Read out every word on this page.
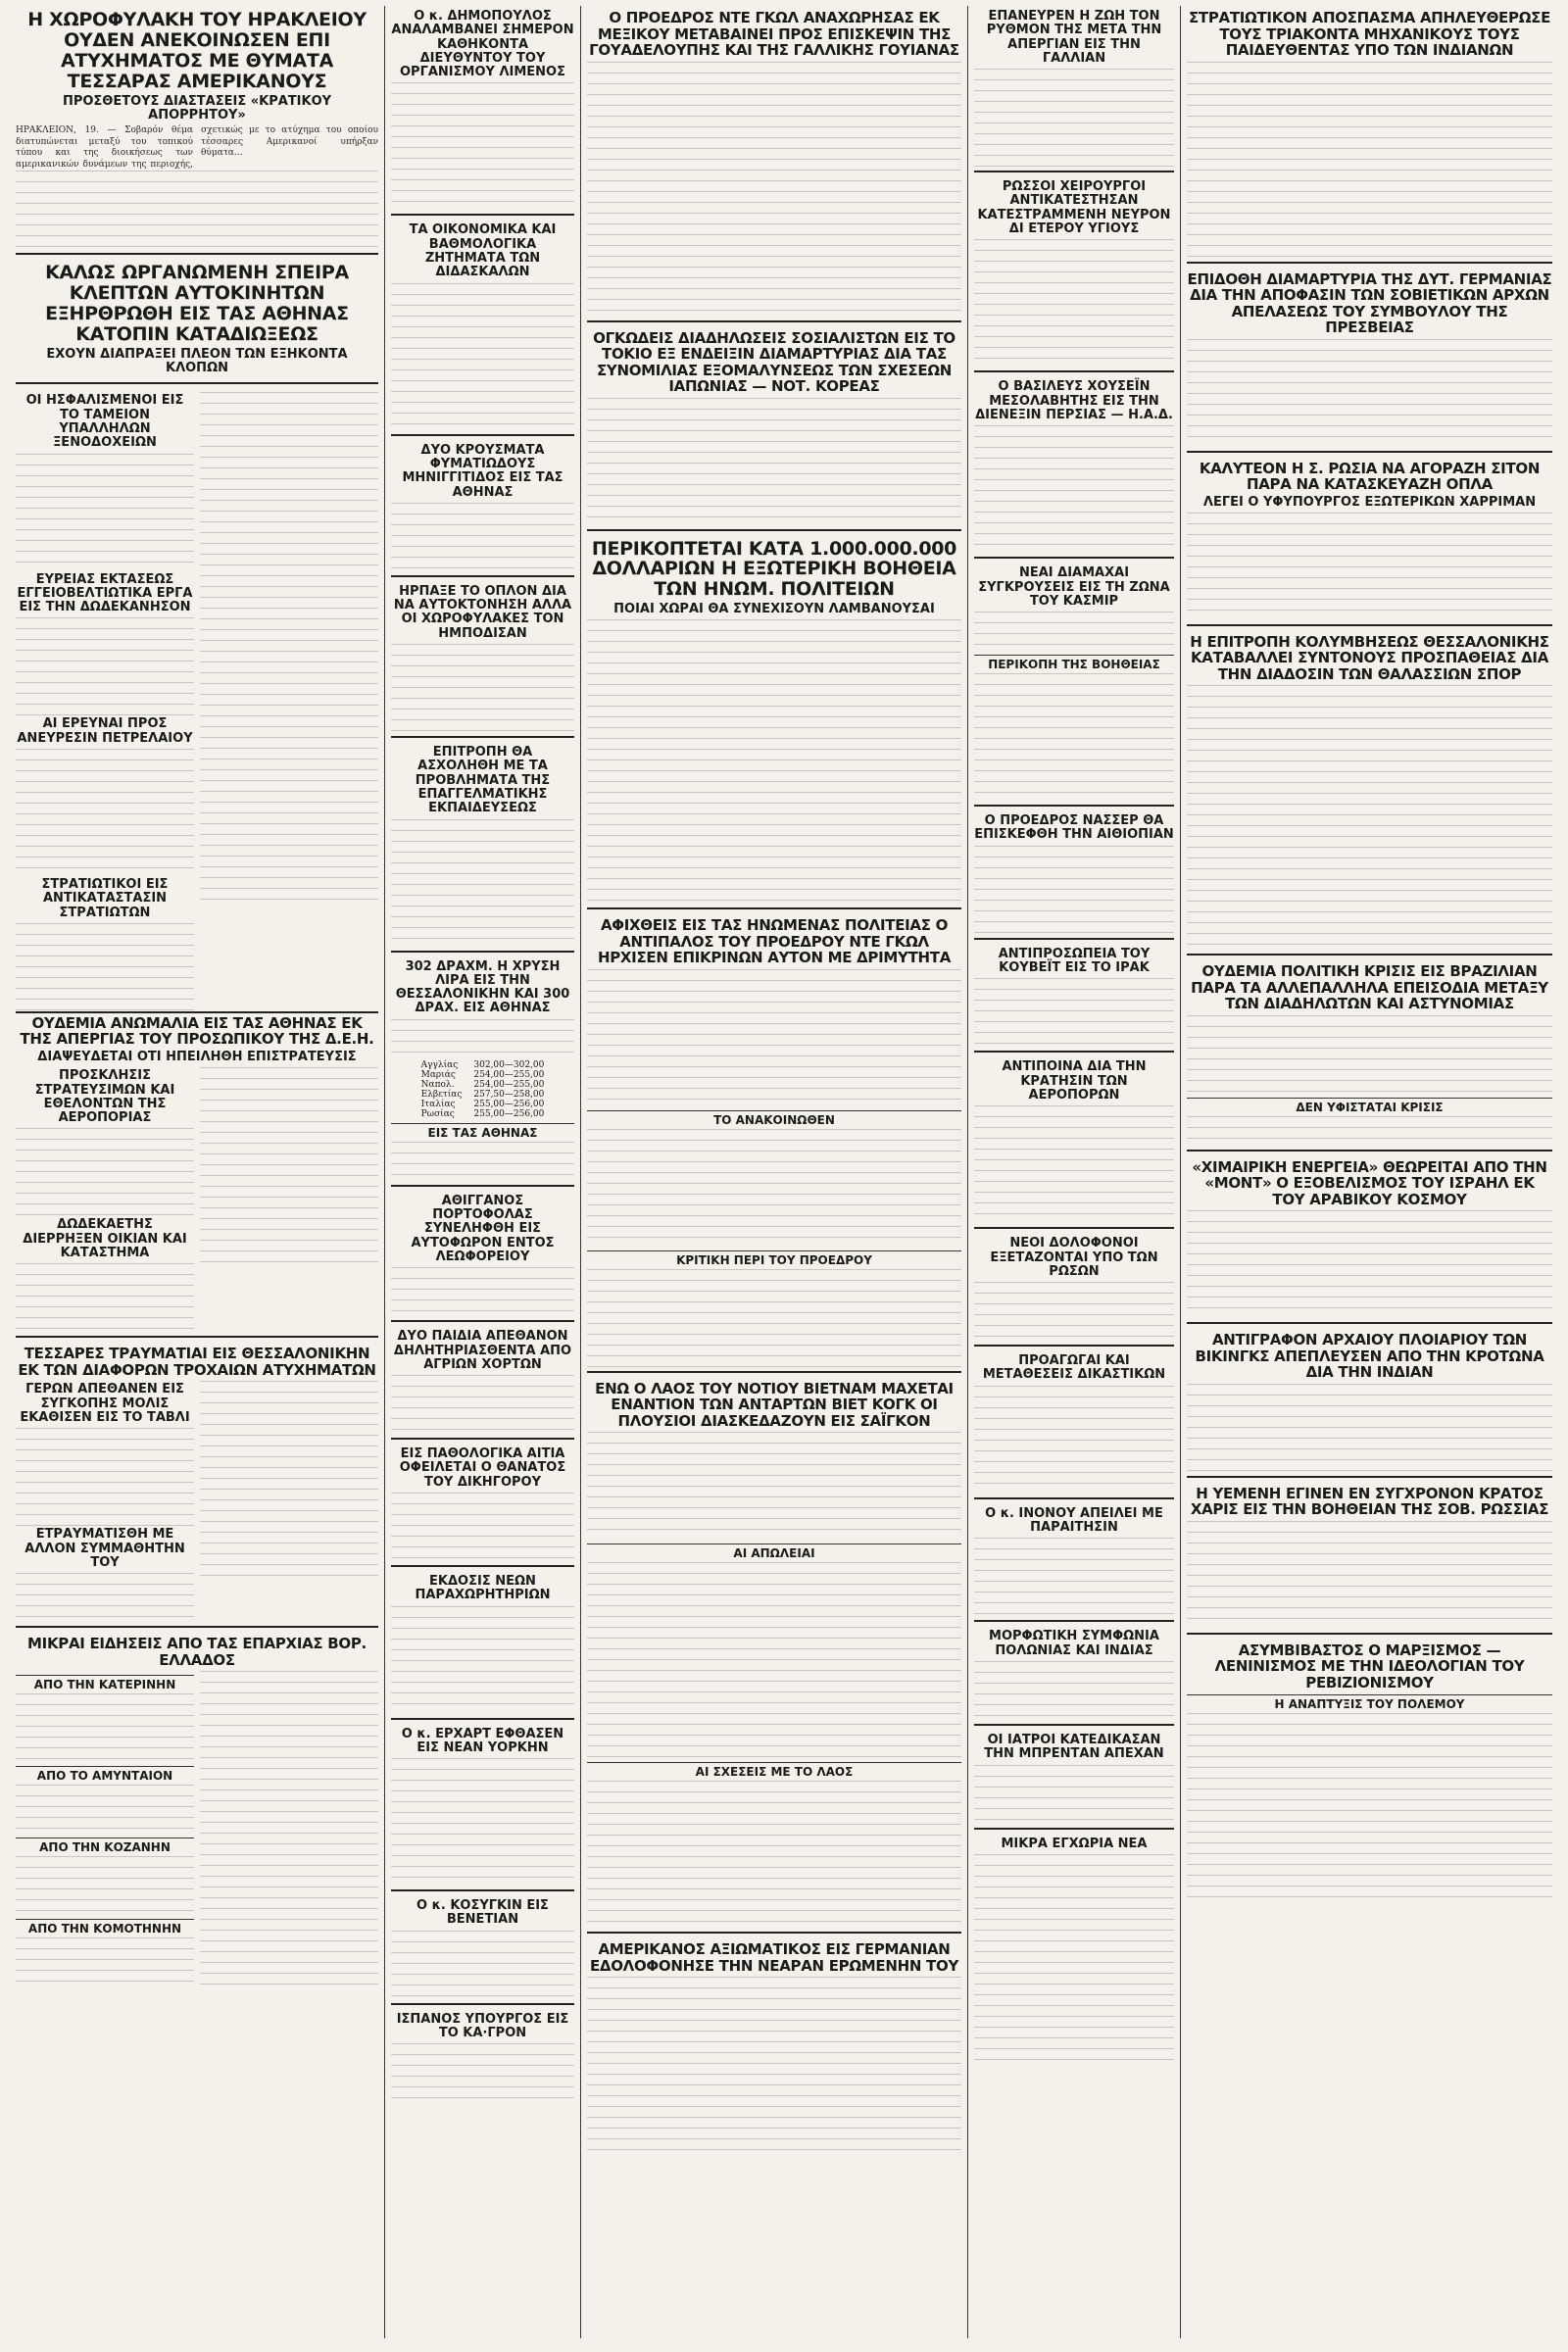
Η ΧΩΡΟΦΥΛΑΚΗ ΤΟΥ ΗΡΑΚΛΕΙΟΥ ΟΥΔΕΝ ΑΝΕΚΟΙΝΩΣΕΝ ΕΠΙ ΑΤΥΧΗΜΑΤΟΣ ΜΕ ΘΥΜΑΤΑ ΤΕΣΣΑΡΑΣ ΑΜΕΡΙΚΑΝΟΥΣ
ΠΡΟΣΘΕΤΟΥΣ ΔΙΑΣΤΑΣΕΙΣ «ΚΡΑΤΙΚΟΥ ΑΠΟΡΡΗΤΟΥ»
ΗΡΑΚΛΕΙΟΝ, 19. — Σοβαρόν θέμα διατυπώνεται μεταξύ του τοπικού τύπου και της διοικήσεως των αμερικανικών δυνάμεων της περιοχής, σχετικώς με το ατύχημα του οποίου τέσσαρες Αμερικανοί υπήρξαν θύματα...
ΚΑΛΩΣ ΩΡΓΑΝΩΜΕΝΗ ΣΠΕΙΡΑ ΚΛΕΠΤΩΝ ΑΥΤΟΚΙΝΗΤΩΝ ΕΞΗΡΘΡΩΘΗ ΕΙΣ ΤΑΣ ΑΘΗΝΑΣ ΚΑΤΟΠΙΝ ΚΑΤΑΔΙΩΞΕΩΣ
ΕΧΟΥΝ ΔΙΑΠΡΑΞΕΙ ΠΛΕΟΝ ΤΩΝ ΕΞΗΚΟΝΤΑ ΚΛΟΠΩΝ
ΟΙ ΗΣΦΑΛΙΣΜΕΝΟΙ ΕΙΣ ΤΟ ΤΑΜΕΙΟΝ ΥΠΑΛΛΗΛΩΝ ΞΕΝΟΔΟΧΕΙΩΝ
ΕΥΡΕΙΑΣ ΕΚΤΑΣΕΩΣ ΕΓΓΕΙΟΒΕΛΤΙΩΤΙΚΑ ΕΡΓΑ ΕΙΣ ΤΗΝ ΔΩΔΕΚΑΝΗΣΟΝ
ΑΙ ΕΡΕΥΝΑΙ ΠΡΟΣ ΑΝΕΥΡΕΣΙΝ ΠΕΤΡΕΛΑΙΟΥ
ΣΤΡΑΤΙΩΤΙΚΟΙ ΕΙΣ ΑΝΤΙΚΑΤΑΣΤΑΣΙΝ ΣΤΡΑΤΙΩΤΩΝ
ΟΥΔΕΜΙΑ ΑΝΩΜΑΛΙΑ ΕΙΣ ΤΑΣ ΑΘΗΝΑΣ ΕΚ ΤΗΣ ΑΠΕΡΓΙΑΣ ΤΟΥ ΠΡΟΣΩΠΙΚΟΥ ΤΗΣ Δ.Ε.Η.
ΔΙΑΨΕΥΔΕΤΑΙ ΟΤΙ ΗΠΕΙΛΗΘΗ ΕΠΙΣΤΡΑΤΕΥΣΙΣ
ΠΡΟΣΚΛΗΣΙΣ ΣΤΡΑΤΕΥΣΙΜΩΝ ΚΑΙ ΕΘΕΛΟΝΤΩΝ ΤΗΣ ΑΕΡΟΠΟΡΙΑΣ
ΔΩΔΕΚΑΕΤΗΣ ΔΙΕΡΡΗΞΕΝ ΟΙΚΙΑΝ ΚΑΙ ΚΑΤΑΣΤΗΜΑ
ΤΕΣΣΑΡΕΣ ΤΡΑΥΜΑΤΙΑΙ ΕΙΣ ΘΕΣΣΑΛΟΝΙΚΗΝ ΕΚ ΤΩΝ ΔΙΑΦΟΡΩΝ ΤΡΟΧΑΙΩΝ ΑΤΥΧΗΜΑΤΩΝ
ΓΕΡΩΝ ΑΠΕΘΑΝΕΝ ΕΙΣ ΣΥΓΚΟΠΗΣ ΜΟΛΙΣ ΕΚΑΘΙΣΕΝ ΕΙΣ ΤΟ ΤΑΒΛΙ
ΕΤΡΑΥΜΑΤΙΣΘΗ ΜΕ ΑΛΛΟΝ ΣΥΜΜΑΘΗΤΗΝ ΤΟΥ
ΜΙΚΡΑΙ ΕΙΔΗΣΕΙΣ ΑΠΟ ΤΑΣ ΕΠΑΡΧΙΑΣ ΒΟΡ. ΕΛΛΑΔΟΣ
ΑΠΟ ΤΗΝ ΚΑΤΕΡΙΝΗΝ
ΑΠΟ ΤΟ ΑΜΥΝΤΑΙΟΝ
ΑΠΟ ΤΗΝ ΚΟΖΑΝΗΝ
ΑΠΟ ΤΗΝ ΚΟΜΟΤΗΝΗΝ
Ο κ. ΔΗΜΟΠΟΥΛΟΣ ΑΝΑΛΑΜΒΑΝΕΙ ΣΗΜΕΡΟΝ ΚΑΘΗΚΟΝΤΑ ΔΙΕΥΘΥΝΤΟΥ ΤΟΥ ΟΡΓΑΝΙΣΜΟΥ ΛΙΜΕΝΟΣ
ΤΑ ΟΙΚΟΝΟΜΙΚΑ ΚΑΙ ΒΑΘΜΟΛΟΓΙΚΑ ΖΗΤΗΜΑΤΑ ΤΩΝ ΔΙΔΑΣΚΑΛΩΝ
ΔΥΟ ΚΡΟΥΣΜΑΤΑ ΦΥΜΑΤΙΩΔΟΥΣ ΜΗΝΙΓΓΙΤΙΔΟΣ ΕΙΣ ΤΑΣ ΑΘΗΝΑΣ
ΗΡΠΑΞΕ ΤΟ ΟΠΛΟΝ ΔΙΑ ΝΑ ΑΥΤΟΚΤΟΝΗΣΗ ΑΛΛΑ ΟΙ ΧΩΡΟΦΥΛΑΚΕΣ ΤΟΝ ΗΜΠΟΔΙΣΑΝ
ΕΠΙΤΡΟΠΗ ΘΑ ΑΣΧΟΛΗΘΗ ΜΕ ΤΑ ΠΡΟΒΛΗΜΑΤΑ ΤΗΣ ΕΠΑΓΓΕΛΜΑΤΙΚΗΣ ΕΚΠΑΙΔΕΥΣΕΩΣ
302 ΔΡΑΧΜ. Η ΧΡΥΣΗ ΛΙΡΑ ΕΙΣ ΤΗΝ ΘΕΣΣΑΛΟΝΙΚΗΝ ΚΑΙ 300 ΔΡΑΧ. ΕΙΣ ΑΘΗΝΑΣ
Αγγλίας	302,00—302,00
Μαριάς	254,00—255,00
Ναπολ.	254,00—255,00
Ελβετίας	257,50—258,00
Ιταλίας	255,00—256,00
Ρωσίας	255,00—256,00
ΕΙΣ ΤΑΣ ΑΘΗΝΑΣ
ΑΘΙΓΓΑΝΟΣ ΠΟΡΤΟΦΟΛΑΣ ΣΥΝΕΛΗΦΘΗ ΕΙΣ ΑΥΤΟΦΩΡΟΝ ΕΝΤΟΣ ΛΕΩΦΟΡΕΙΟΥ
ΔΥΟ ΠΑΙΔΙΑ ΑΠΕΘΑΝΟΝ ΔΗΛΗΤΗΡΙΑΣΘΕΝΤΑ ΑΠΟ ΑΓΡΙΩΝ ΧΟΡΤΩΝ
ΕΙΣ ΠΑΘΟΛΟΓΙΚΑ ΑΙΤΙΑ ΟΦΕΙΛΕΤΑΙ Ο ΘΑΝΑΤΟΣ ΤΟΥ ΔΙΚΗΓΟΡΟΥ
ΕΚΔΟΣΙΣ ΝΕΩΝ ΠΑΡΑΧΩΡΗΤΗΡΙΩΝ
Ο κ. ΕΡΧΑΡΤ ΕΦΘΑΣΕΝ ΕΙΣ ΝΕΑΝ ΥΟΡΚΗΝ
Ο κ. ΚΟΣΥΓΚΙΝ ΕΙΣ ΒΕΝΕΤΙΑΝ
ΙΣΠΑΝΟΣ ΥΠΟΥΡΓΟΣ ΕΙΣ ΤΟ ΚΑ·ΓΡΟΝ
Ο ΠΡΟΕΔΡΟΣ ΝΤΕ ΓΚΩΛ ΑΝΑΧΩΡΗΣΑΣ ΕΚ ΜΕΞΙΚΟΥ ΜΕΤΑΒΑΙΝΕΙ ΠΡΟΣ ΕΠΙΣΚΕΨΙΝ ΤΗΣ ΓΟΥΑΔΕΛΟΥΠΗΣ ΚΑΙ ΤΗΣ ΓΑΛΛΙΚΗΣ ΓΟΥΙΑΝΑΣ
ΟΓΚΩΔΕΙΣ ΔΙΑΔΗΛΩΣΕΙΣ ΣΟΣΙΑΛΙΣΤΩΝ ΕΙΣ ΤΟ ΤΟΚΙΟ ΕΞ ΕΝΔΕΙΞΙΝ ΔΙΑΜΑΡΤΥΡΙΑΣ ΔΙΑ ΤΑΣ ΣΥΝΟΜΙΛΙΑΣ ΕΞΟΜΑΛΥΝΣΕΩΣ ΤΩΝ ΣΧΕΣΕΩΝ ΙΑΠΩΝΙΑΣ — ΝΟΤ. ΚΟΡΕΑΣ
ΠΕΡΙΚΟΠΤΕΤΑΙ ΚΑΤΑ 1.000.000.000 ΔΟΛΛΑΡΙΩΝ Η ΕΞΩΤΕΡΙΚΗ ΒΟΗΘΕΙΑ ΤΩΝ ΗΝΩΜ. ΠΟΛΙΤΕΙΩΝ
ΠΟΙΑΙ ΧΩΡΑΙ ΘΑ ΣΥΝΕΧΙΣΟΥΝ ΛΑΜΒΑΝΟΥΣΑΙ
ΑΦΙΧΘΕΙΣ ΕΙΣ ΤΑΣ ΗΝΩΜΕΝΑΣ ΠΟΛΙΤΕΙΑΣ Ο ΑΝΤΙΠΑΛΟΣ ΤΟΥ ΠΡΟΕΔΡΟΥ ΝΤΕ ΓΚΩΛ ΗΡΧΙΣΕΝ ΕΠΙΚΡΙΝΩΝ ΑΥΤΟΝ ΜΕ ΔΡΙΜΥΤΗΤΑ
ΤΟ ΑΝΑΚΟΙΝΩΘΕΝ
ΚΡΙΤΙΚΗ ΠΕΡΙ ΤΟΥ ΠΡΟΕΔΡΟΥ
ΕΝΩ Ο ΛΑΟΣ ΤΟΥ ΝΟΤΙΟΥ ΒΙΕΤΝΑΜ ΜΑΧΕΤΑΙ ΕΝΑΝΤΙΟΝ ΤΩΝ ΑΝΤΑΡΤΩΝ ΒΙΕΤ ΚΟΓΚ ΟΙ ΠΛΟΥΣΙΟΙ ΔΙΑΣΚΕΔΑΖΟΥΝ ΕΙΣ ΣΑΪΓΚΟΝ
ΑΙ ΑΠΩΛΕΙΑΙ
ΑΙ ΣΧΕΣΕΙΣ ΜΕ ΤΟ ΛΑΟΣ
ΑΜΕΡΙΚΑΝΟΣ ΑΞΙΩΜΑΤΙΚΟΣ ΕΙΣ ΓΕΡΜΑΝΙΑΝ ΕΔΟΛΟΦΟΝΗΣΕ ΤΗΝ ΝΕΑΡΑΝ ΕΡΩΜΕΝΗΝ ΤΟΥ
ΕΠΑΝΕΥΡΕΝ Η ΖΩΗ ΤΟΝ ΡΥΘΜΟΝ ΤΗΣ ΜΕΤΑ ΤΗΝ ΑΠΕΡΓΙΑΝ ΕΙΣ ΤΗΝ ΓΑΛΛΙΑΝ
ΡΩΣΣΟΙ ΧΕΙΡΟΥΡΓΟΙ ΑΝΤΙΚΑΤΕΣΤΗΣΑΝ ΚΑΤΕΣΤΡΑΜΜΕΝΗ ΝΕΥΡΟΝ ΔΙ ΕΤΕΡΟΥ ΥΓΙΟΥΣ
Ο ΒΑΣΙΛΕΥΣ ΧΟΥΣΕΪΝ ΜΕΣΟΛΑΒΗΤΗΣ ΕΙΣ ΤΗΝ ΔΙΕΝΕΞΙΝ ΠΕΡΣΙΑΣ — Η.Α.Δ.
ΝΕΑΙ ΔΙΑΜΑΧΑΙ ΣΥΓΚΡΟΥΣΕΙΣ ΕΙΣ ΤΗ ΖΩΝΑ ΤΟΥ ΚΑΣΜΙΡ
ΠΕΡΙΚΟΠΗ ΤΗΣ ΒΟΗΘΕΙΑΣ
Ο ΠΡΟΕΔΡΟΣ ΝΑΣΣΕΡ ΘΑ ΕΠΙΣΚΕΦΘΗ ΤΗΝ ΑΙΘΙΟΠΙΑΝ
ΑΝΤΙΠΡΟΣΩΠΕΙΑ ΤΟΥ ΚΟΥΒΕΪΤ ΕΙΣ ΤΟ ΙΡΑΚ
ΑΝΤΙΠΟΙΝΑ ΔΙΑ ΤΗΝ ΚΡΑΤΗΣΙΝ ΤΩΝ ΑΕΡΟΠΟΡΩΝ
ΝΕΟΙ ΔΟΛΟΦΟΝΟΙ ΕΞΕΤΑΖΟΝΤΑΙ ΥΠΟ ΤΩΝ ΡΩΣΩΝ
ΠΡΟΑΓΩΓΑΙ ΚΑΙ ΜΕΤΑΘΕΣΕΙΣ ΔΙΚΑΣΤΙΚΩΝ
Ο κ. ΙΝΟΝΟΥ ΑΠΕΙΛΕΙ ΜΕ ΠΑΡΑΙΤΗΣΙΝ
ΜΟΡΦΩΤΙΚΗ ΣΥΜΦΩΝΙΑ ΠΟΛΩΝΙΑΣ ΚΑΙ ΙΝΔΙΑΣ
ΟΙ ΙΑΤΡΟΙ ΚΑΤΕΔΙΚΑΣΑΝ ΤΗΝ ΜΠΡΕΝΤΑΝ ΑΠΕΧΑΝ
ΜΙΚΡΑ ΕΓΧΩΡΙΑ ΝΕΑ
ΣΤΡΑΤΙΩΤΙΚΟΝ ΑΠΟΣΠΑΣΜΑ ΑΠΗΛΕΥΘΕΡΩΣΕ ΤΟΥΣ ΤΡΙΑΚΟΝΤΑ ΜΗΧΑΝΙΚΟΥΣ ΤΟΥΣ ΠΑΙΔΕΥΘΕΝΤΑΣ ΥΠΟ ΤΩΝ ΙΝΔΙΑΝΩΝ
ΕΠΙΔΟΘΗ ΔΙΑΜΑΡΤΥΡΙΑ ΤΗΣ ΔΥΤ. ΓΕΡΜΑΝΙΑΣ ΔΙΑ ΤΗΝ ΑΠΟΦΑΣΙΝ ΤΩΝ ΣΟΒΙΕΤΙΚΩΝ ΑΡΧΩΝ ΑΠΕΛΑΣΕΩΣ ΤΟΥ ΣΥΜΒΟΥΛΟΥ ΤΗΣ ΠΡΕΣΒΕΙΑΣ
ΚΑΛΥΤΕΟΝ Η Σ. ΡΩΣΙΑ ΝΑ ΑΓΟΡΑΖΗ ΣΙΤΟΝ ΠΑΡΑ ΝΑ ΚΑΤΑΣΚΕΥΑΖΗ ΟΠΛΑ
ΛΕΓΕΙ Ο ΥΦΥΠΟΥΡΓΟΣ ΕΞΩΤΕΡΙΚΩΝ ΧΑΡΡΙΜΑΝ
Η ΕΠΙΤΡΟΠΗ ΚΟΛΥΜΒΗΣΕΩΣ ΘΕΣΣΑΛΟΝΙΚΗΣ ΚΑΤΑΒΑΛΛΕΙ ΣΥΝΤΟΝΟΥΣ ΠΡΟΣΠΑΘΕΙΑΣ ΔΙΑ ΤΗΝ ΔΙΑΔΟΣΙΝ ΤΩΝ ΘΑΛΑΣΣΙΩΝ ΣΠΟΡ
ΟΥΔΕΜΙΑ ΠΟΛΙΤΙΚΗ ΚΡΙΣΙΣ ΕΙΣ ΒΡΑΖΙΛΙΑΝ ΠΑΡΑ ΤΑ ΑΛΛΕΠΑΛΛΗΛΑ ΕΠΕΙΣΟΔΙΑ ΜΕΤΑΞΥ ΤΩΝ ΔΙΑΔΗΛΩΤΩΝ ΚΑΙ ΑΣΤΥΝΟΜΙΑΣ
ΔΕΝ ΥΦΙΣΤΑΤΑΙ ΚΡΙΣΙΣ
«ΧΙΜΑΙΡΙΚΗ ΕΝΕΡΓΕΙΑ» ΘΕΩΡΕΙΤΑΙ ΑΠΟ ΤΗΝ «ΜΟΝΤ» Ο ΕΞΟΒΕΛΙΣΜΟΣ ΤΟΥ ΙΣΡΑΗΛ ΕΚ ΤΟΥ ΑΡΑΒΙΚΟΥ ΚΟΣΜΟΥ
ΑΝΤΙΓΡΑΦΟΝ ΑΡΧΑΙΟΥ ΠΛΟΙΑΡΙΟΥ ΤΩΝ ΒΙΚΙΝΓΚΣ ΑΠΕΠΛΕΥΣΕΝ ΑΠΟ ΤΗΝ ΚΡΟΤΩΝΑ ΔΙΑ ΤΗΝ ΙΝΔΙΑΝ
Η ΥΕΜΕΝΗ ΕΓΙΝΕΝ ΕΝ ΣΥΓΧΡΟΝΟΝ ΚΡΑΤΟΣ ΧΑΡΙΣ ΕΙΣ ΤΗΝ ΒΟΗΘΕΙΑΝ ΤΗΣ ΣΟΒ. ΡΩΣΣΙΑΣ
ΑΣΥΜΒΙΒΑΣΤΟΣ Ο ΜΑΡΞΙΣΜΟΣ — ΛΕΝΙΝΙΣΜΟΣ ΜΕ ΤΗΝ ΙΔΕΟΛΟΓΙΑΝ ΤΟΥ ΡΕΒΙΖΙΟΝΙΣΜΟΥ
Η ΑΝΑΠΤΥΞΙΣ ΤΟΥ ΠΟΛΕΜΟΥ
